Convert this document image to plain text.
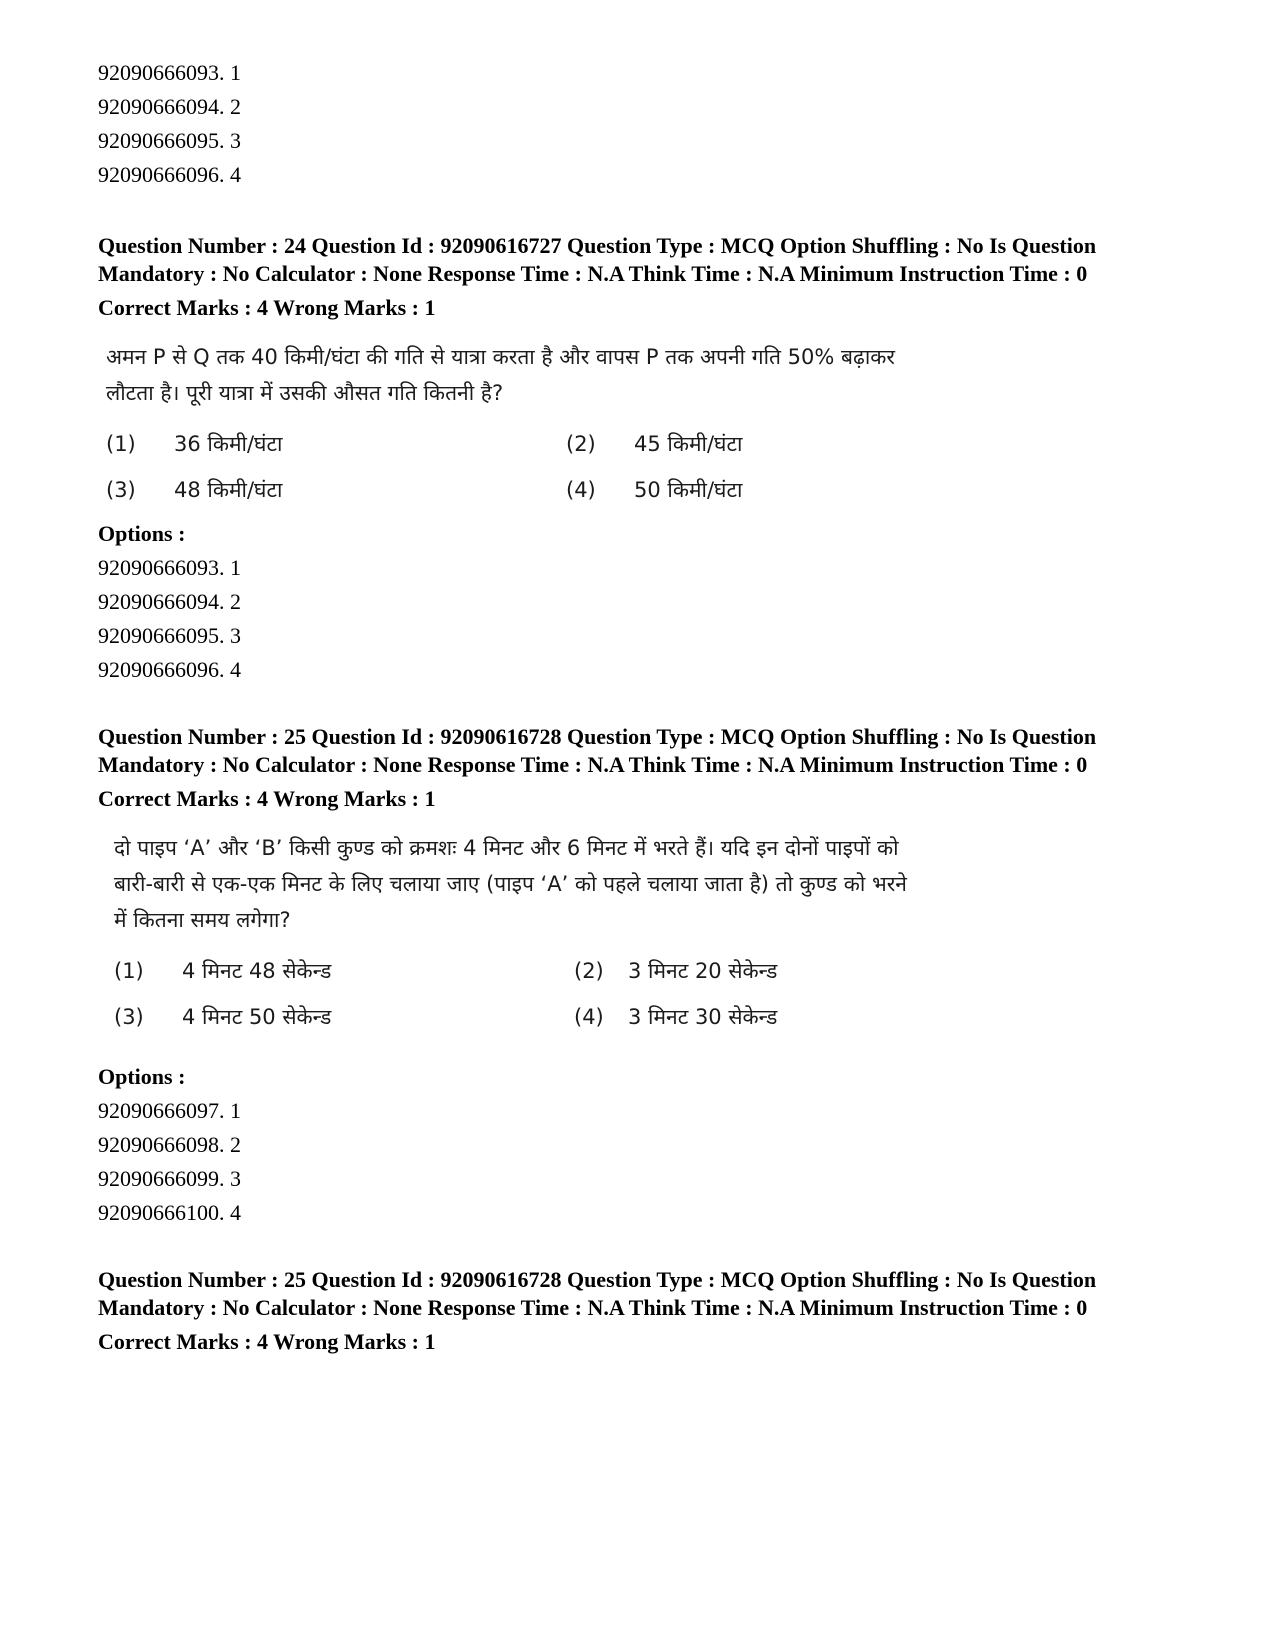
92090666093. 1
92090666094. 2
92090666095. 3
92090666096. 4
Question Number : 24 Question Id : 92090616727 Question Type : MCQ Option Shuffling : No Is Question Mandatory : No Calculator : None Response Time : N.A Think Time : N.A Minimum Instruction Time : 0
Correct Marks : 4 Wrong Marks : 1
अमन P से Q तक 40 किमी/घंटा की गति से यात्रा करता है और वापस P तक अपनी गति 50% बढ़ाकर
लौटता है। पूरी यात्रा में उसकी औसत गति कितनी है?
(1) 36 किमी/घंटा	(2) 45 किमी/घंटा
(3) 48 किमी/घंटा	(4) 50 किमी/घंटा
Options :
92090666093. 1
92090666094. 2
92090666095. 3
92090666096. 4
Question Number : 25 Question Id : 92090616728 Question Type : MCQ Option Shuffling : No Is Question Mandatory : No Calculator : None Response Time : N.A Think Time : N.A Minimum Instruction Time : 0
Correct Marks : 4 Wrong Marks : 1
दो पाइप ‘A’ और ‘B’ किसी कुण्ड को क्रमशः 4 मिनट और 6 मिनट में भरते हैं। यदि इन दोनों पाइपों को
बारी-बारी से एक-एक मिनट के लिए चलाया जाए (पाइप ‘A’ को पहले चलाया जाता है) तो कुण्ड को भरने
में कितना समय लगेगा?
(1) 4 मिनट 48 सेकेन्ड	(2) 3 मिनट 20 सेकेन्ड
(3) 4 मिनट 50 सेकेन्ड	(4) 3 मिनट 30 सेकेन्ड
Options :
92090666097. 1
92090666098. 2
92090666099. 3
92090666100. 4
Question Number : 25 Question Id : 92090616728 Question Type : MCQ Option Shuffling : No Is Question Mandatory : No Calculator : None Response Time : N.A Think Time : N.A Minimum Instruction Time : 0
Correct Marks : 4 Wrong Marks : 1
